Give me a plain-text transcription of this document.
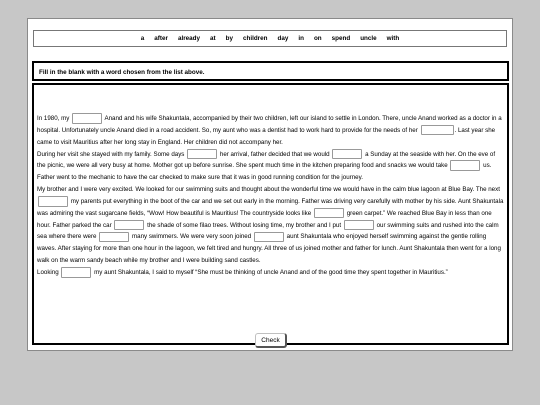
a after already at by children day in on spend uncle with
Fill in the blank with a word chosen from the list above.
In 1980, my	Anand and his wife Shakuntala, accompanied by their two children, left our island to settle in London. There, uncle Anand worked as a doctor in a hospital. Unfortunately uncle Anand died in a road accident. So, my aunt who was a dentist had to work hard to provide for the needs of her	. Last year she came to visit Mauritius after her long stay in England. Her children did not accompany her.
During her visit she stayed with my family. Some days	her arrival, father decided that we would	a Sunday at the seaside with her. On the eve of the picnic, we were all very busy at home. Mother got up before sunrise. She spent much time in the kitchen preparing food and snacks we would take	us. Father went to the mechanic to have the car checked to make sure that it was in good running condition for the journey.
My brother and I were very excited. We looked for our swimming suits and thought about the wonderful time we would have in the calm blue lagoon at Blue Bay. The next  my parents put everything in the boot of the car and we set out early in the morning. Father was driving very carefully with mother by his side. Aunt Shakuntala was admiring the vast sugarcane fields, “Wow! How beautiful is Mauritius! The countryside looks like	green carpet.” We reached Blue Bay in less than one hour. Father parked the car	the shade of some filao trees. Without losing time, my brother and I put	our swimming suits and rushed into the calm sea where there were	many swimmers. We were very soon joined	aunt Shakuntala who enjoyed herself swimming against the gentle rolling waves. After staying for more than one hour in the lagoon, we felt tired and hungry. All three of us joined mother and father for lunch. Aunt Shakuntala then went for a long walk on the warm sandy beach while my brother and I were building sand castles.
Looking	my aunt Shakuntala, I said to myself “She must be thinking of uncle Anand and of the good time they spent together in Mauritius.”
Check
